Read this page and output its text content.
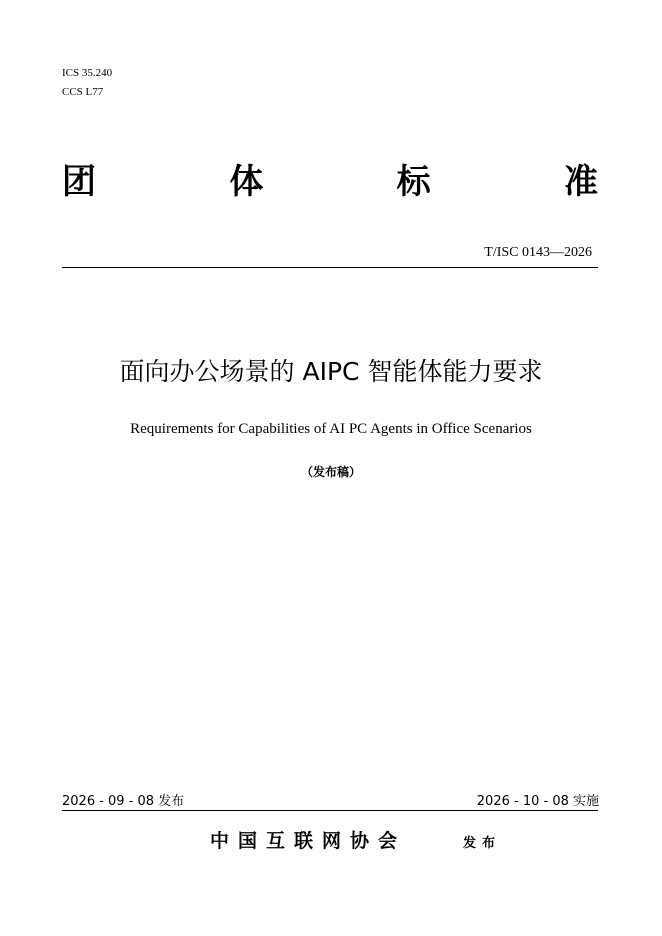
ICS 35.240
CCS L77
团	体	标	准
T/ISC 0143—2026
面向办公场景的 AIPC 智能体能力要求
Requirements for Capabilities of AI PC Agents in Office Scenarios
（发布稿）
2026 - 09 - 08 发布	2026 - 10 - 08 实施
中国互联网协会	发布
